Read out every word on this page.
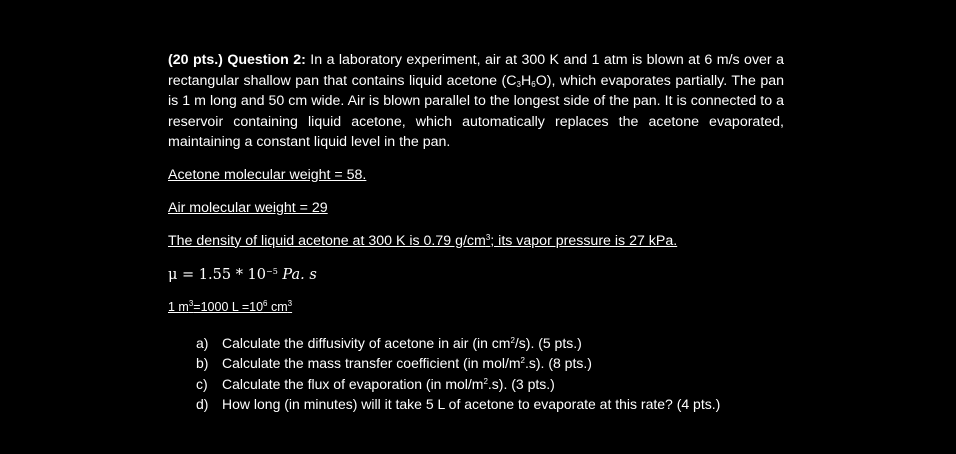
(20 pts.) Question 2: In a laboratory experiment, air at 300 K and 1 atm is blown at 6 m/s over a rectangular shallow pan that contains liquid acetone $(C_3H_6O)$, which evaporates partially. The pan is 1 m long and 50 cm wide. Air is blown parallel to the longest side of the pan. It is connected to a reservoir containing liquid acetone, which automatically replaces the acetone evaporated, maintaining a constant liquid level in the pan.

Acetone molecular weight = 58.

Air molecular weight = 29

The density of liquid acetone at 300 K is 0.79 $g/cm^3$; its vapor pressure is 27 kPa.

$\mu = 1.55 * 10^{-5}$ Pa. s

1 $m^3=1000$ $L =10^6$ $cm^3$

a) Calculate the diffusivity of acetone in air (in $cm^2/s$). (5 pts.)
b) Calculate the mass transfer coefficient (in mol/$m^2.s$). (8 pts.)
c)	Calculate the flux of evaporation (in mol/$m^2.s$). (3 pts.)
d) How long (in minutes) will it take 5 L of acetone to evaporate at this rate? (4 pts.)
